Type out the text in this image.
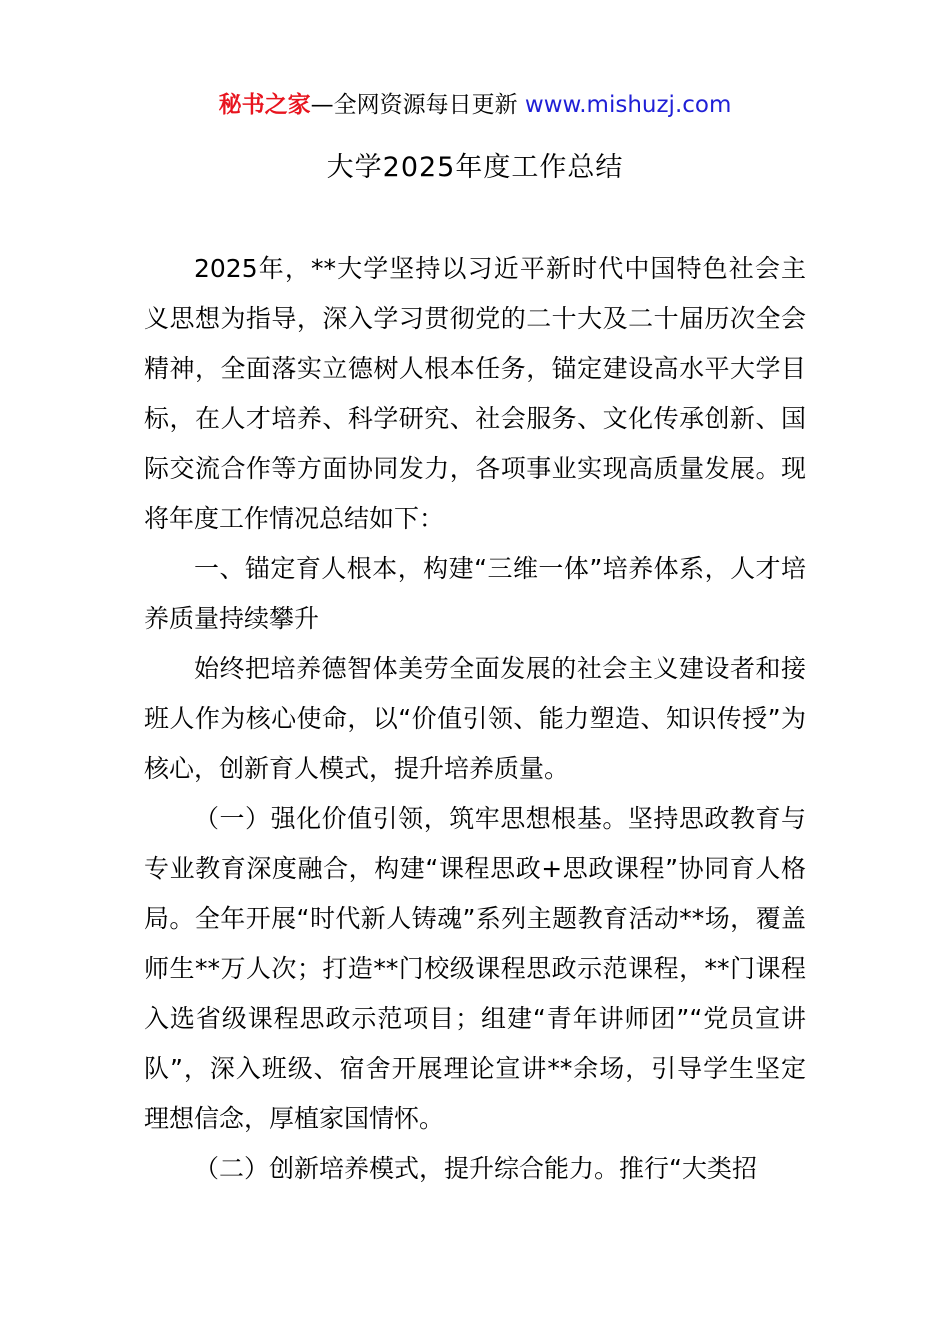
秘书之家—全网资源每日更新 www.mishuzj.com
大学2025年度工作总结

2025年，**大学坚持以习近平新时代中国特色社会主义思想为指导，深入学习贯彻党的二十大及二十届历次全会精神，全面落实立德树人根本任务，锚定建设高水平大学目标，在人才培养、科学研究、社会服务、文化传承创新、国际交流合作等方面协同发力，各项事业实现高质量发展。现将年度工作情况总结如下：

一、锚定育人根本，构建“三维一体”培养体系，人才培养质量持续攀升

始终把培养德智体美劳全面发展的社会主义建设者和接班人作为核心使命，以“价值引领、能力塑造、知识传授”为核心，创新育人模式，提升培养质量。

（一）强化价值引领，筑牢思想根基。坚持思政教育与专业教育深度融合，构建“课程思政+思政课程”协同育人格局。全年开展“时代新人铸魂”系列主题教育活动**场，覆盖师生**万人次；打造**门校级课程思政示范课程，**门课程入选省级课程思政示范项目；组建“青年讲师团”“党员宣讲队”，深入班级、宿舍开展理论宣讲**余场，引导学生坚定理想信念，厚植家国情怀。

（二）创新培养模式，提升综合能力。推行“大类招
